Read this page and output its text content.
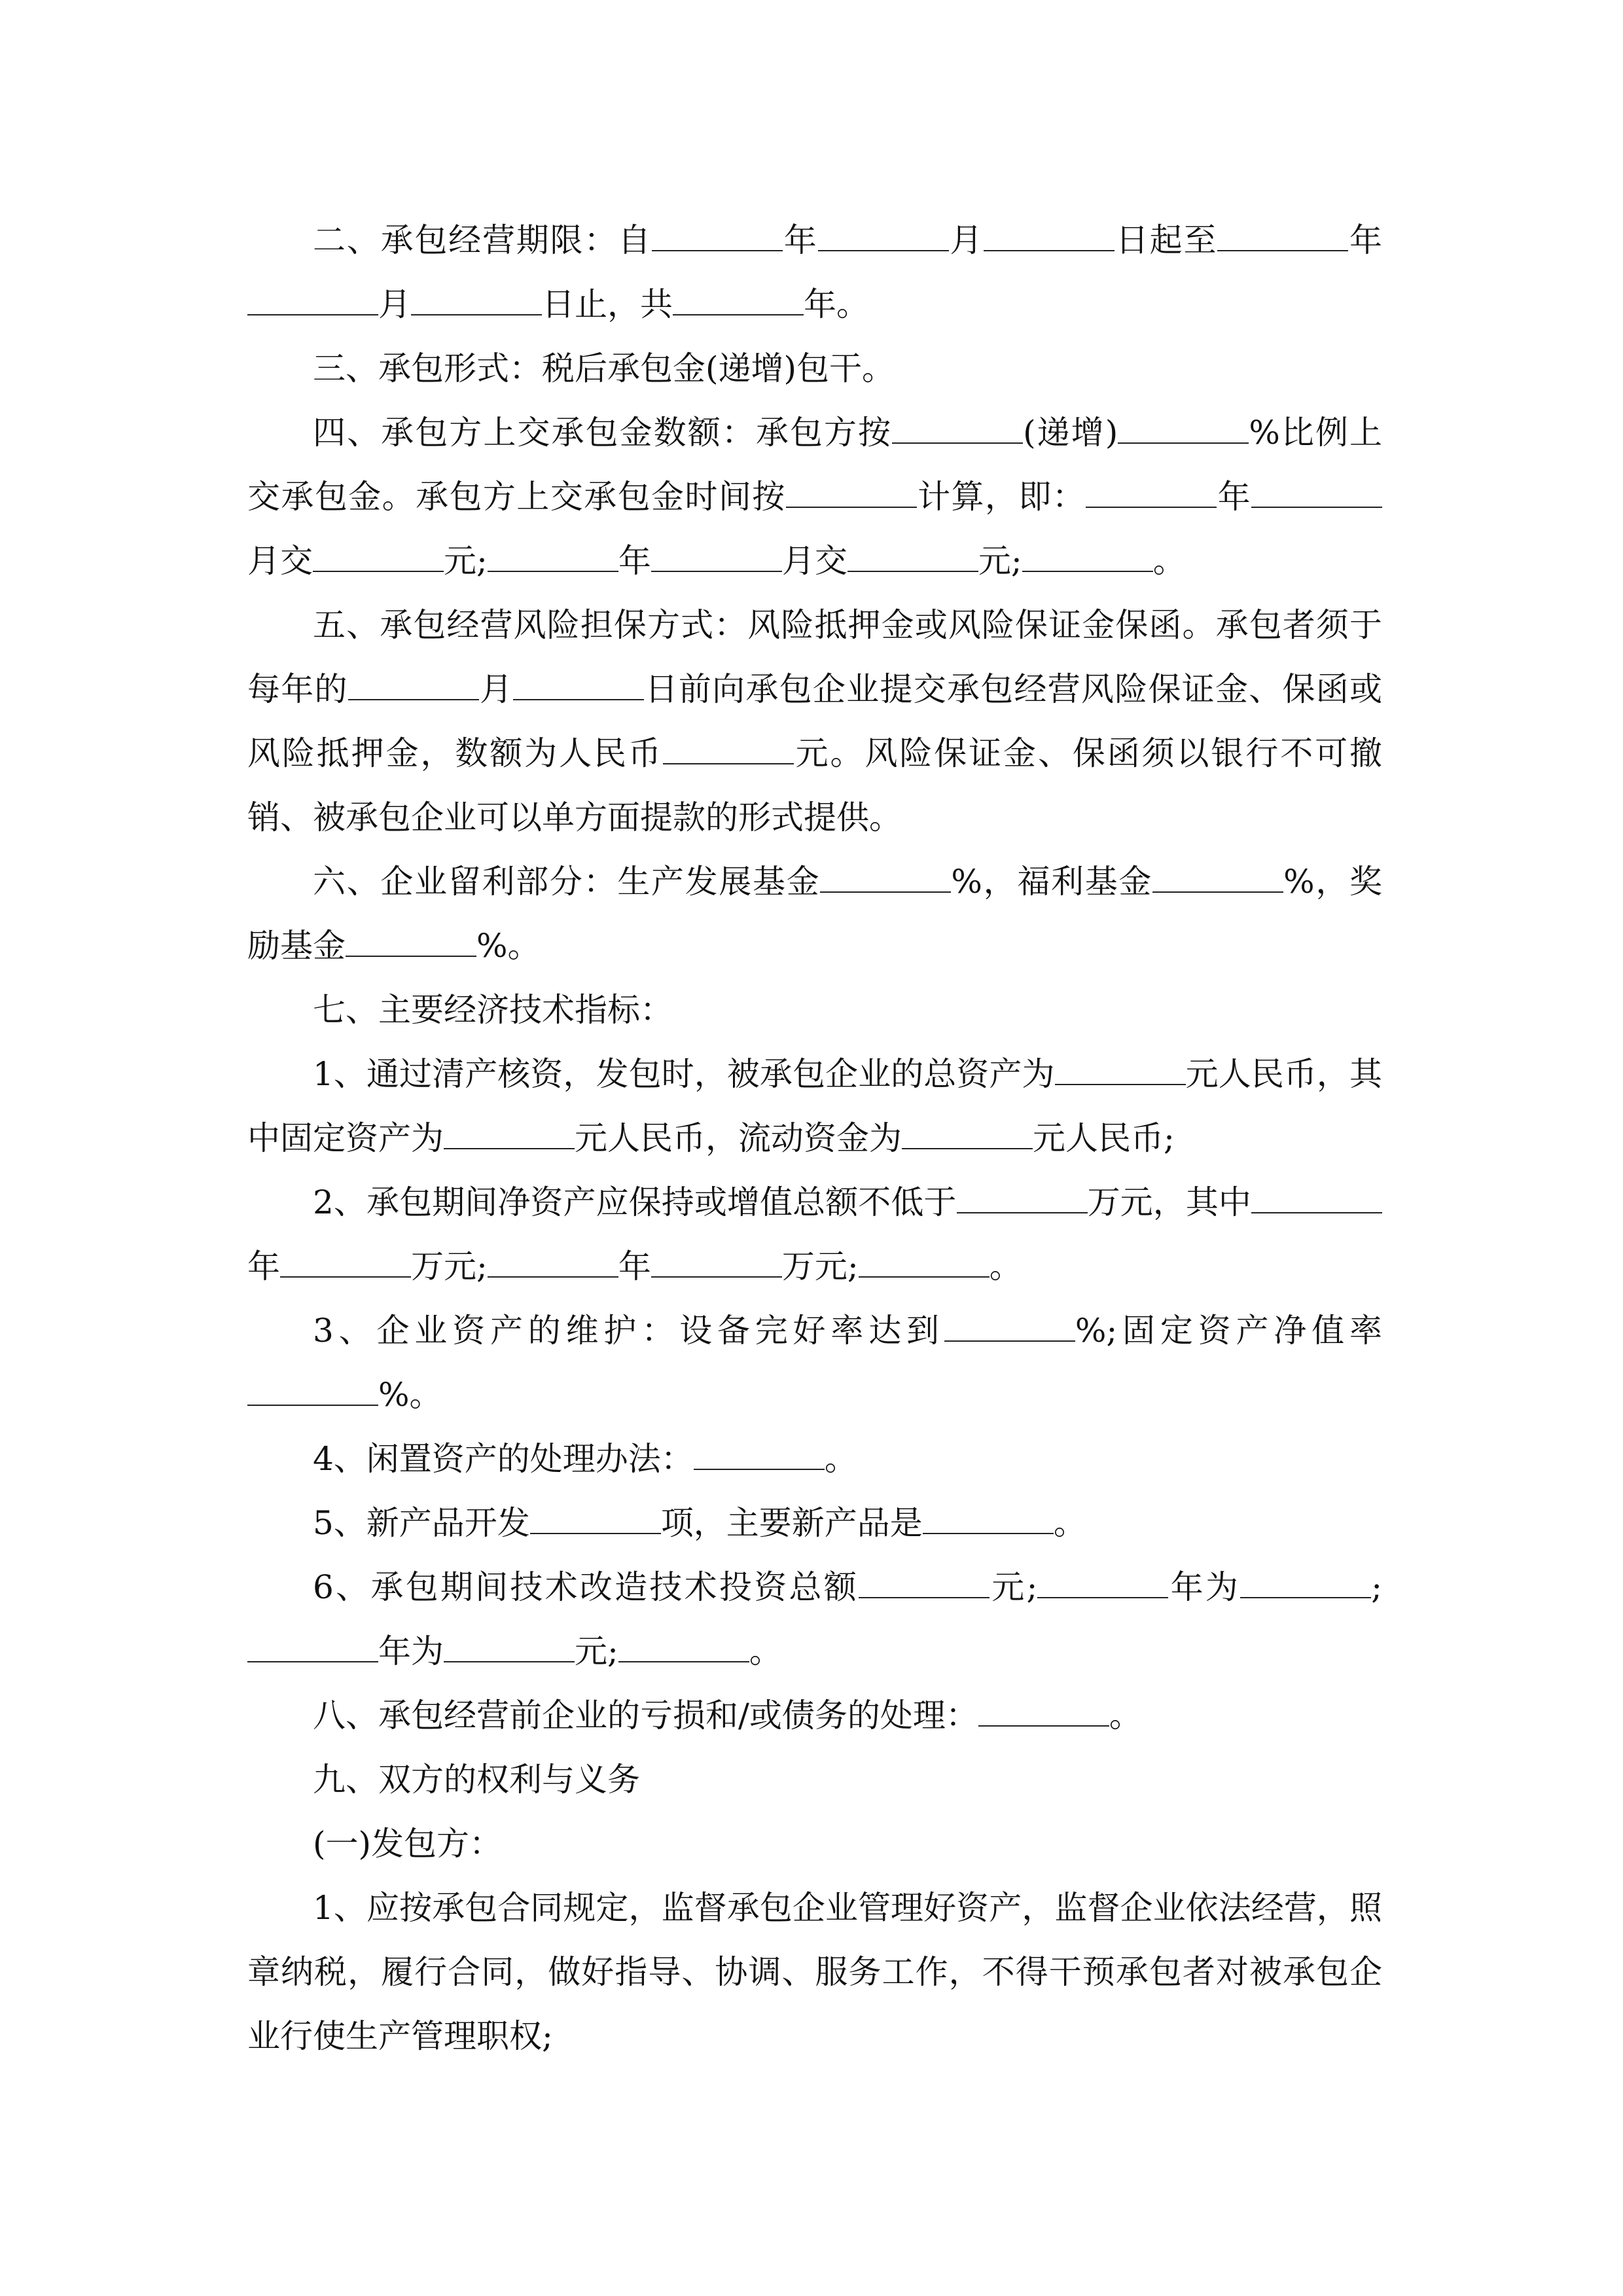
二、承包经营期限：自	年	月	日起至	年月	日止，共	年。

三、承包形式：税后承包金(递增)包干。

四、承包方上交承包金数额：承包方按	(递增)	%比例上交承包金。承包方上交承包金时间按	计算，即：	年月交	元;	年	月交	元;	。

五、承包经营风险担保方式：风险抵押金或风险保证金保函。承包者须于每年的	月	日前向承包企业提交承包经营风险保证金、保函或风险抵押金，数额为人民币	元。风险保证金、保函须以银行不可撤销、被承包企业可以单方面提款的形式提供。

六、企业留利部分：生产发展基金	%，福利基金	%，奖励基金	%。

七、主要经济技术指标：

1、通过清产核资，发包时，被承包企业的总资产为	元人民币，其中固定资产为	元人民币，流动资金为	元人民币;

2、承包期间净资产应保持或增值总额不低于	万元，其中年	万元;	年	万元;	。

3、企业资产的维护：设备完好率达到	%;固定资产净值率%。

4、闲置资产的处理办法：	。

5、新产品开发	项，主要新产品是	。

6、承包期间技术改造技术投资总额	元;	年为	;年为	元;	。

八、承包经营前企业的亏损和/或债务的处理：	。

九、双方的权利与义务

(一)发包方：

1、应按承包合同规定，监督承包企业管理好资产，监督企业依法经营，照章纳税，履行合同，做好指导、协调、服务工作，不得干预承包者对被承包企业行使生产管理职权;
